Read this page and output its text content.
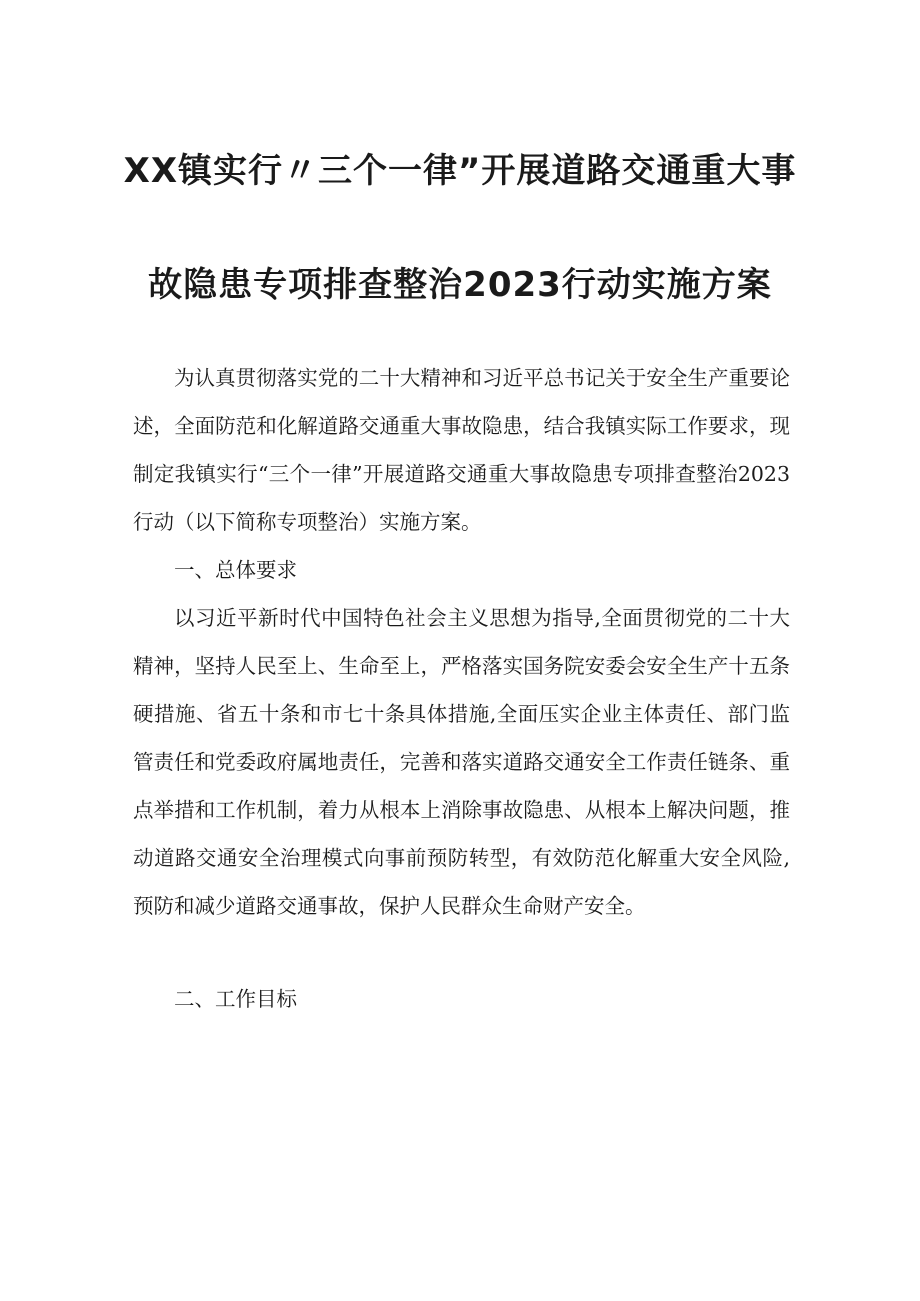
XX镇实行〃三个一律”开展道路交通重大事
故隐患专项排查整治2023行动实施方案

为认真贯彻落实党的二十大精神和习近平总书记关于安全生产重要论述，全面防范和化解道路交通重大事故隐患，结合我镇实际工作要求，现制定我镇实行“三个一律”开展道路交通重大事故隐患专项排查整治2023行动（以下简称专项整治）实施方案。

一、总体要求

以习近平新时代中国特色社会主义思想为指导,全面贯彻党的二十大精神，坚持人民至上、生命至上，严格落实国务院安委会安全生产十五条硬措施、省五十条和市七十条具体措施,全面压实企业主体责任、部门监管责任和党委政府属地责任，完善和落实道路交通安全工作责任链条、重点举措和工作机制，着力从根本上消除事故隐患、从根本上解决问题，推动道路交通安全治理模式向事前预防转型，有效防范化解重大安全风险,预防和减少道路交通事故，保护人民群众生命财产安全。

二、工作目标
